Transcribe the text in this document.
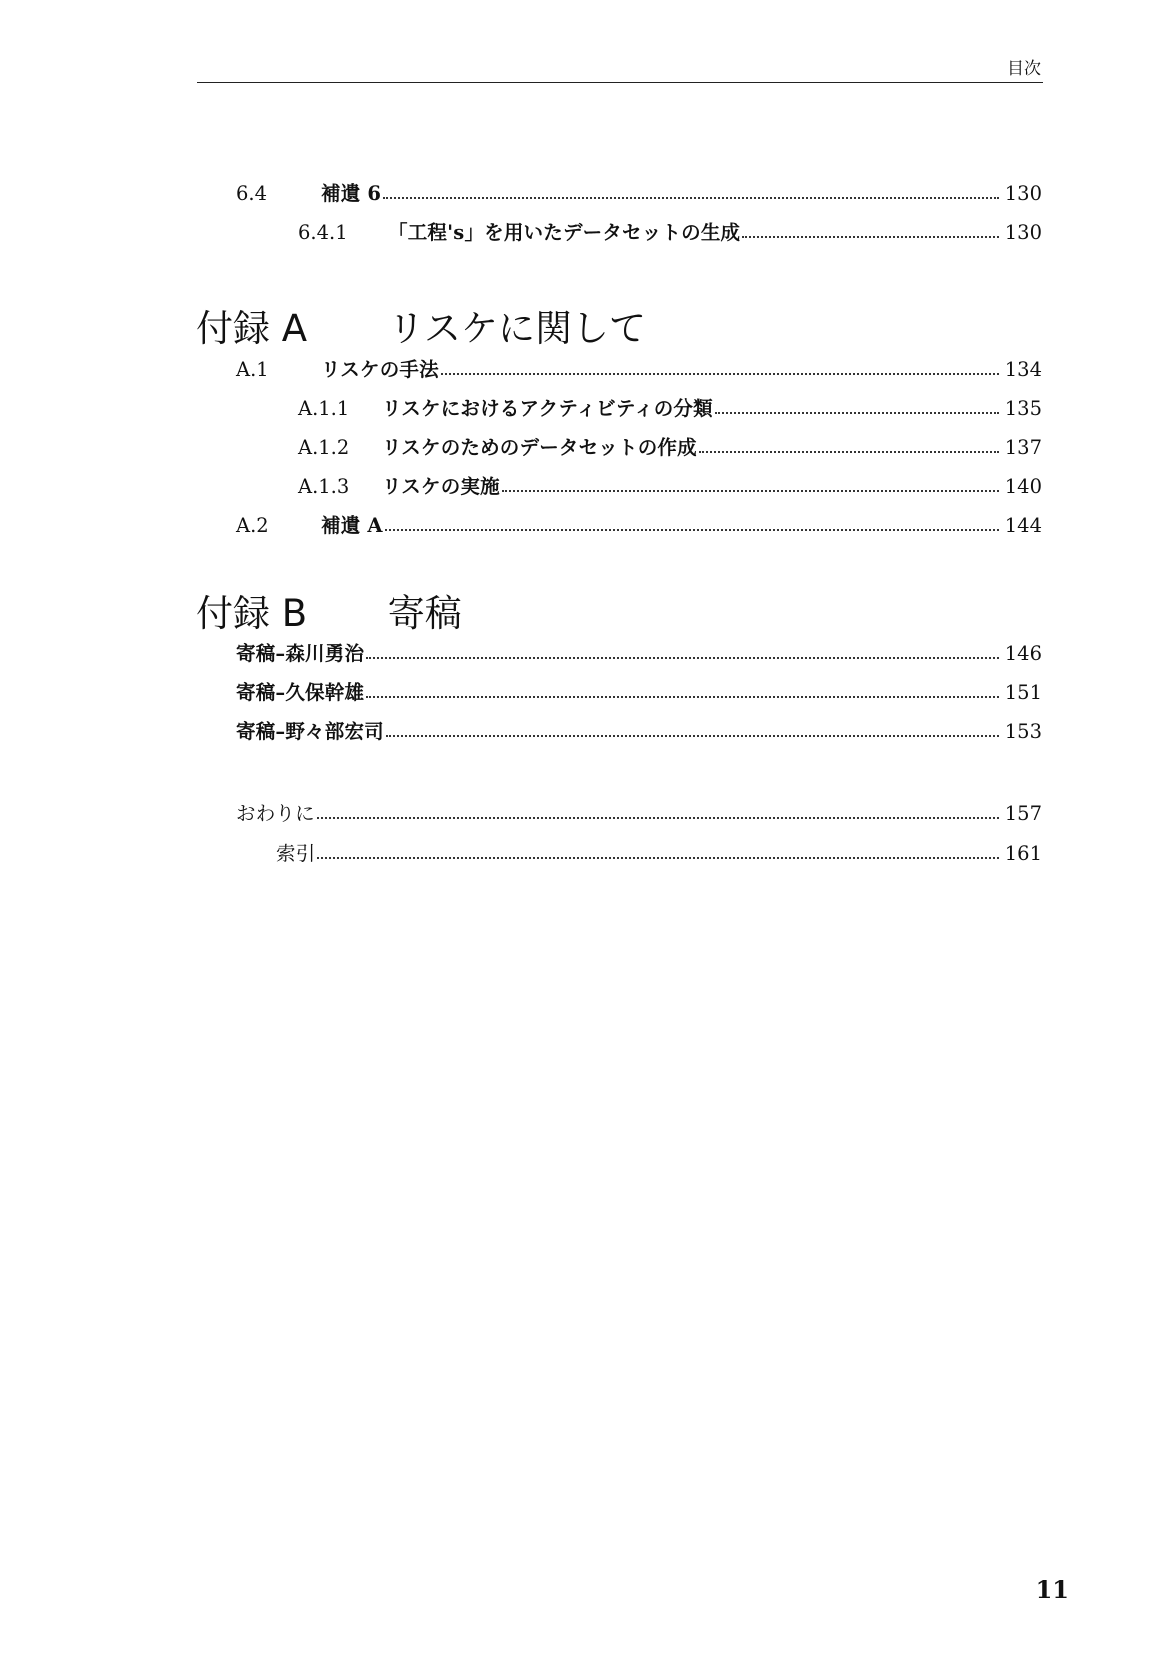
目次
6.4	補遺 6	130
6.4.1	「工程's」を用いたデータセットの生成	130
付録 A リスケに関して
A.1	リスケの手法	134
A.1.1	リスケにおけるアクティビティの分類	135
A.1.2	リスケのためのデータセットの作成	137
A.1.3	リスケの実施	140
A.2	補遺 A	144
付録 B 寄稿
寄稿–森川勇治	146
寄稿–久保幹雄	151
寄稿–野々部宏司	153
おわりに	157
索引	161
11
